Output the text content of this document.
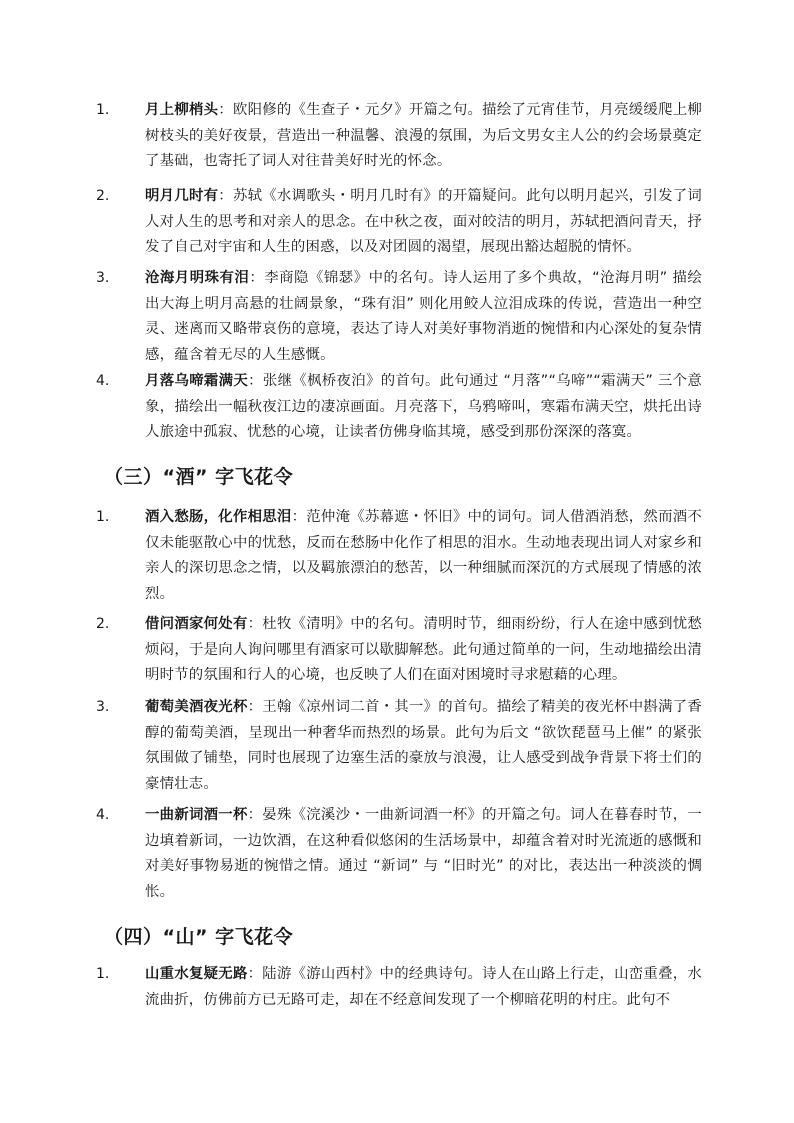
1. 月上柳梢头：欧阳修的《生查子・元夕》开篇之句。描绘了元宵佳节，月亮缓缓爬上柳树枝头的美好夜景，营造出一种温馨、浪漫的氛围，为后文男女主人公的约会场景奠定了基础，也寄托了词人对往昔美好时光的怀念。
2. 明月几时有：苏轼《水调歌头・明月几时有》的开篇疑问。此句以明月起兴，引发了词人对人生的思考和对亲人的思念。在中秋之夜，面对皎洁的明月，苏轼把酒问青天，抒发了自己对宇宙和人生的困惑，以及对团圆的渴望，展现出豁达超脱的情怀。
3. 沧海月明珠有泪：李商隐《锦瑟》中的名句。诗人运用了多个典故，“沧海月明” 描绘出大海上明月高悬的壮阔景象，“珠有泪” 则化用鲛人泣泪成珠的传说，营造出一种空灵、迷离而又略带哀伤的意境，表达了诗人对美好事物消逝的惋惜和内心深处的复杂情感，蕴含着无尽的人生感慨。
4. 月落乌啼霜满天：张继《枫桥夜泊》的首句。此句通过 “月落”“乌啼”“霜满天” 三个意象，描绘出一幅秋夜江边的凄凉画面。月亮落下，乌鸦啼叫，寒霜布满天空，烘托出诗人旅途中孤寂、忧愁的心境，让读者仿佛身临其境，感受到那份深深的落寞。
（三）“酒” 字飞花令
1. 酒入愁肠，化作相思泪：范仲淹《苏幕遮・怀旧》中的词句。词人借酒消愁，然而酒不仅未能驱散心中的忧愁，反而在愁肠中化作了相思的泪水。生动地表现出词人对家乡和亲人的深切思念之情，以及羁旅漂泊的愁苦，以一种细腻而深沉的方式展现了情感的浓烈。
2. 借问酒家何处有：杜牧《清明》中的名句。清明时节，细雨纷纷，行人在途中感到忧愁烦闷，于是向人询问哪里有酒家可以歇脚解愁。此句通过简单的一问，生动地描绘出清明时节的氛围和行人的心境，也反映了人们在面对困境时寻求慰藉的心理。
3. 葡萄美酒夜光杯：王翰《凉州词二首・其一》的首句。描绘了精美的夜光杯中斟满了香醇的葡萄美酒，呈现出一种奢华而热烈的场景。此句为后文 “欲饮琵琶马上催” 的紧张氛围做了铺垫，同时也展现了边塞生活的豪放与浪漫，让人感受到战争背景下将士们的豪情壮志。
4. 一曲新词酒一杯：晏殊《浣溪沙・一曲新词酒一杯》的开篇之句。词人在暮春时节，一边填着新词，一边饮酒，在这种看似悠闲的生活场景中，却蕴含着对时光流逝的感慨和对美好事物易逝的惋惜之情。通过 “新词” 与 “旧时光” 的对比，表达出一种淡淡的惆怅。
（四）“山” 字飞花令
1. 山重水复疑无路：陆游《游山西村》中的经典诗句。诗人在山路上行走，山峦重叠，水流曲折，仿佛前方已无路可走，却在不经意间发现了一个柳暗花明的村庄。此句不
